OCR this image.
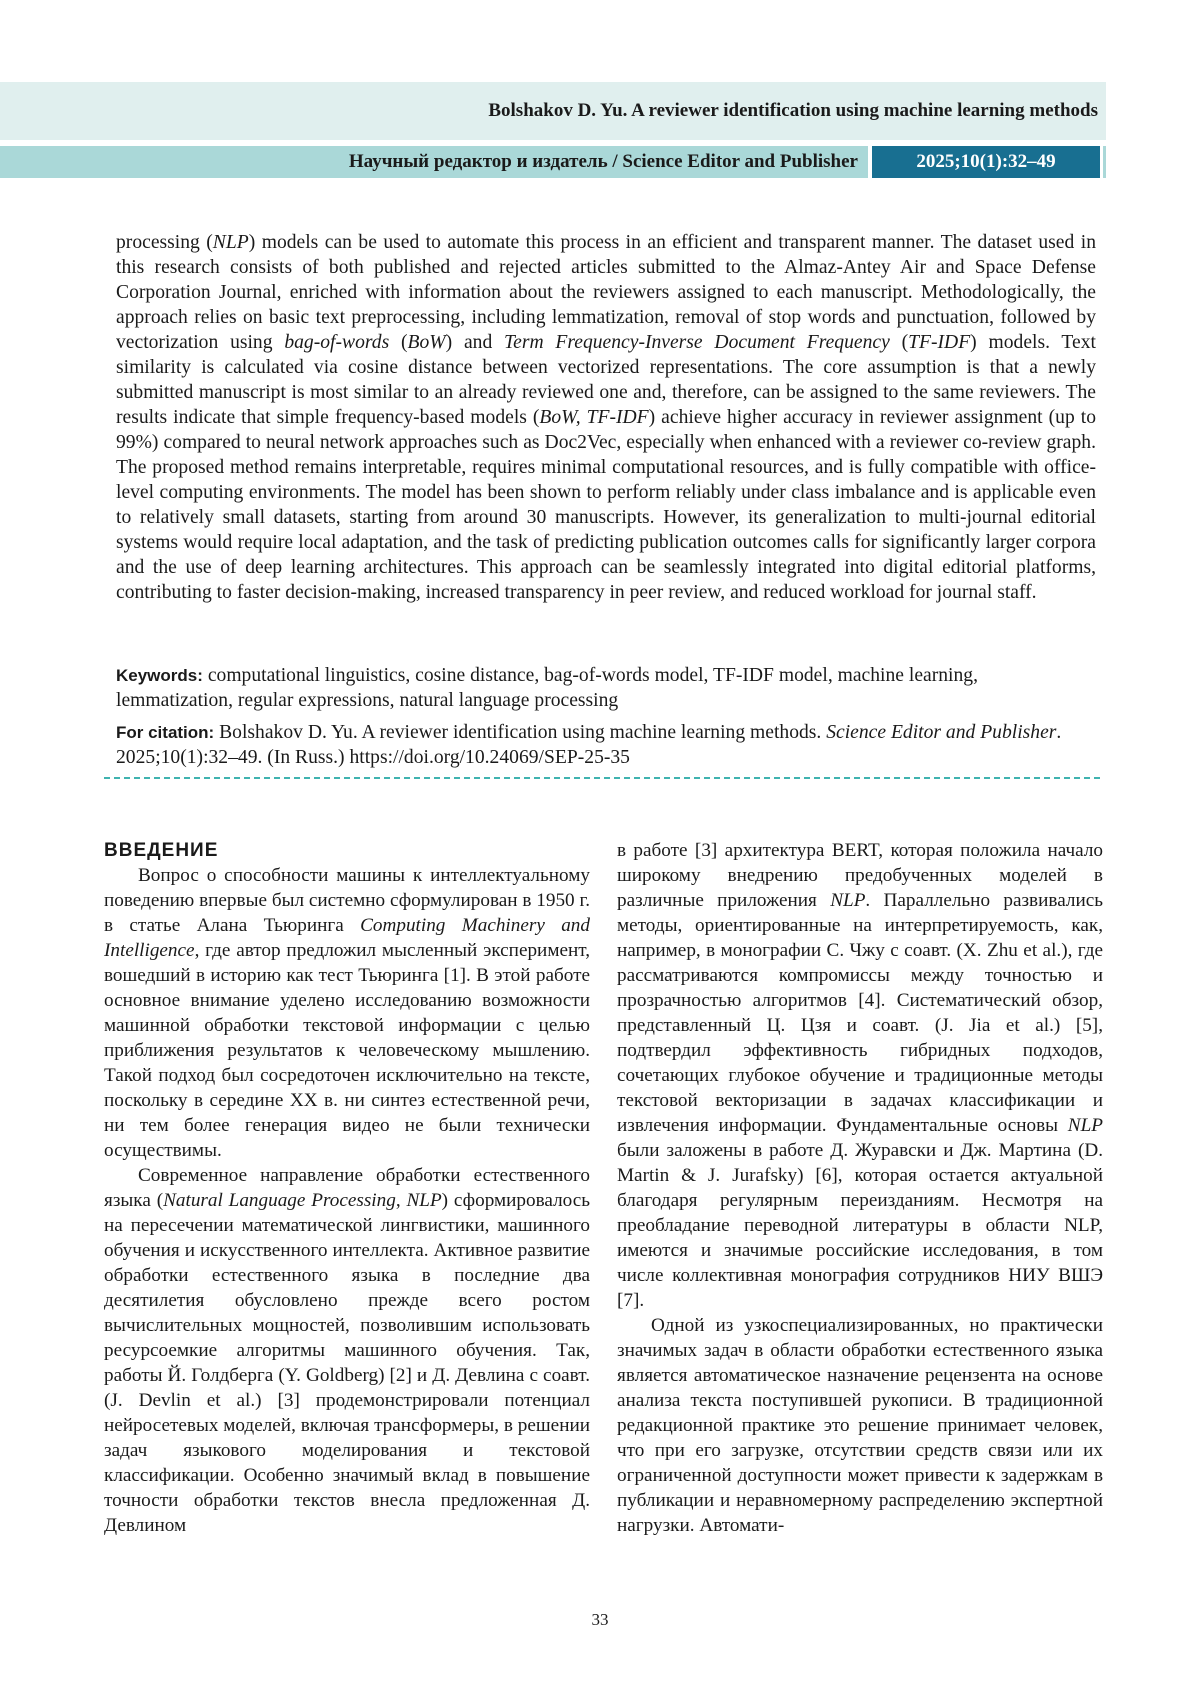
Bolshakov D. Yu. A reviewer identification using machine learning methods
Научный редактор и издатель / Science Editor and Publisher	2025;10(1):32–49
processing (NLP) models can be used to automate this process in an efficient and transparent manner. The dataset used in this research consists of both published and rejected articles submitted to the Almaz-Antey Air and Space Defense Corporation Journal, enriched with information about the reviewers assigned to each manuscript. Methodologically, the approach relies on basic text preprocessing, including lemmatization, removal of stop words and punctuation, followed by vectorization using bag-of-words (BoW) and Term Frequency-Inverse Document Frequency (TF-IDF) models. Text similarity is calculated via cosine distance between vectorized representations. The core assumption is that a newly submitted manuscript is most similar to an already reviewed one and, therefore, can be assigned to the same reviewers. The results indicate that simple frequency-based models (BoW, TF-IDF) achieve higher accuracy in reviewer assignment (up to 99%) compared to neural network approaches such as Doc2Vec, especially when enhanced with a reviewer co-review graph. The proposed method remains interpretable, requires minimal computational resources, and is fully compatible with office-level computing environments. The model has been shown to perform reliably under class imbalance and is applicable even to relatively small datasets, starting from around 30 manuscripts. However, its generalization to multi-journal editorial systems would require local adaptation, and the task of predicting publication outcomes calls for significantly larger corpora and the use of deep learning architectures. This approach can be seamlessly integrated into digital editorial platforms, contributing to faster decision-making, increased transparency in peer review, and reduced workload for journal staff.
Keywords: computational linguistics, cosine distance, bag-of-words model, TF-IDF model, machine learning, lemmatization, regular expressions, natural language processing
For citation: Bolshakov D. Yu. A reviewer identification using machine learning methods. Science Editor and Publisher. 2025;10(1):32–49. (In Russ.) https://doi.org/10.24069/SEP-25-35
ВВЕДЕНИЕ

Вопрос о способности машины к интеллектуальному поведению впервые был системно сформулирован в 1950 г. в статье Алана Тьюринга Computing Machinery and Intelligence, где автор предложил мысленный эксперимент, вошедший в историю как тест Тьюринга [1]. В этой работе основное внимание уделено исследованию возможности машинной обработки текстовой информации с целью приближения результатов к человеческому мышлению. Такой подход был сосредоточен исключительно на тексте, поскольку в середине XX в. ни синтез естественной речи, ни тем более генерация видео не были технически осуществимы.

Современное направление обработки естественного языка (Natural Language Processing, NLP) сформировалось на пересечении математической лингвистики, машинного обучения и искусственного интеллекта. Активное развитие обработки естественного языка в последние два десятилетия обусловлено прежде всего ростом вычислительных мощностей, позволившим использовать ресурсоемкие алгоритмы машинного обучения. Так, работы Й. Голдберга (Y. Goldberg) [2] и Д. Девлина с соавт. (J. Devlin et al.) [3] продемонстрировали потенциал нейросетевых моделей, включая трансформеры, в решении задач языкового моделирования и текстовой классификации. Особенно значимый вклад в повышение точности обработки текстов внесла предложенная Д. Девлином

в работе [3] архитектура BERT, которая положила начало широкому внедрению предобученных моделей в различные приложения NLP. Параллельно развивались методы, ориентированные на интерпретируемость, как, например, в монографии С. Чжу с соавт. (X. Zhu et al.), где рассматриваются компромиссы между точностью и прозрачностью алгоритмов [4]. Систематический обзор, представленный Ц. Цзя и соавт. (J. Jia et al.) [5], подтвердил эффективность гибридных подходов, сочетающих глубокое обучение и традиционные методы текстовой векторизации в задачах классификации и извлечения информации. Фундаментальные основы NLP были заложены в работе Д. Журавски и Дж. Мартина (D. Martin & J. Jurafsky) [6], которая остается актуальной благодаря регулярным переизданиям. Несмотря на преобладание переводной литературы в области NLP, имеются и значимые российские исследования, в том числе коллективная монография сотрудников НИУ ВШЭ [7].

Одной из узкоспециализированных, но практически значимых задач в области обработки естественного языка является автоматическое назначение рецензента на основе анализа текста поступившей рукописи. В традиционной редакционной практике это решение принимает человек, что при его загрузке, отсутствии средств связи или их ограниченной доступности может привести к задержкам в публикации и неравномерному распределению экспертной нагрузки. Автомати-

33
